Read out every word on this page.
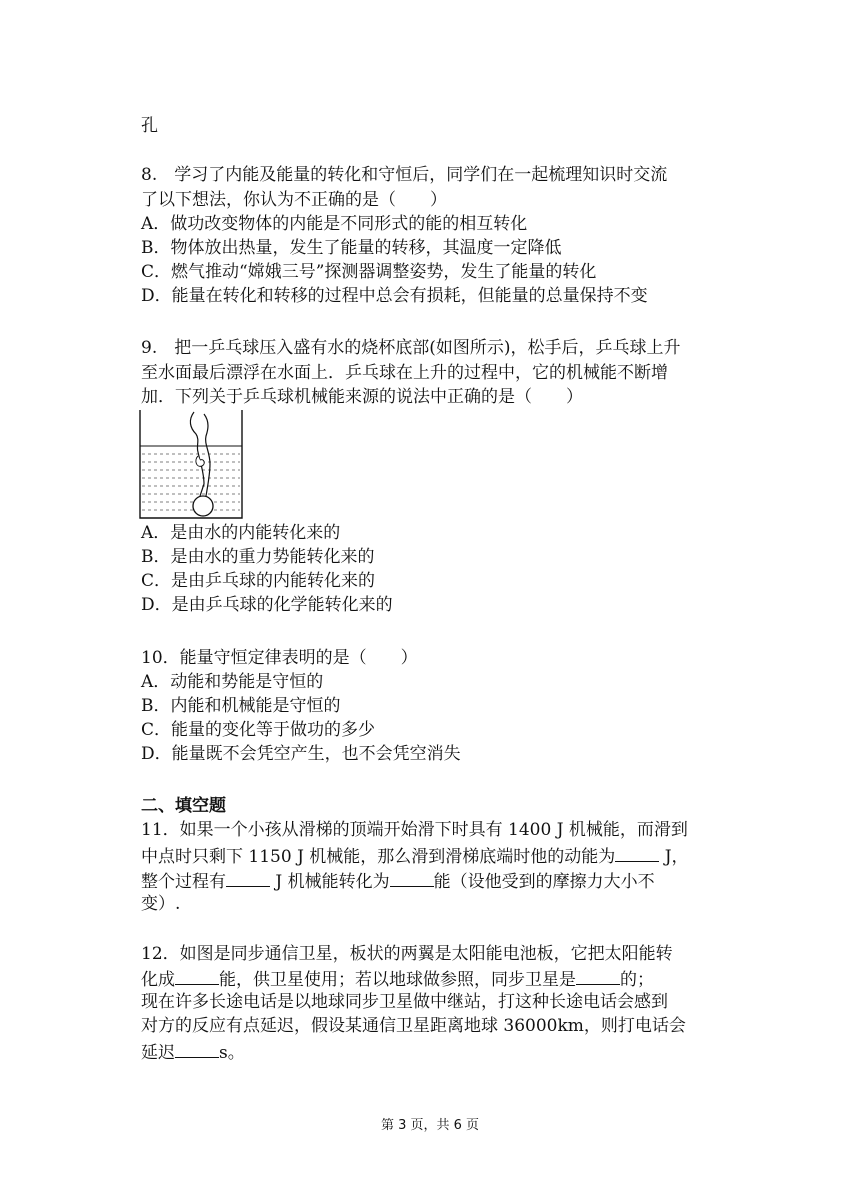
孔
8.　学习了内能及能量的转化和守恒后，同学们在一起梳理知识时交流
了以下想法，你认为不正确的是（　　）
A．做功改变物体的内能是不同形式的能的相互转化
B．物体放出热量，发生了能量的转移，其温度一定降低
C．燃气推动“嫦娥三号”探测器调整姿势，发生了能量的转化
D．能量在转化和转移的过程中总会有损耗，但能量的总量保持不变
9.　把一乒乓球压入盛有水的烧杯底部(如图所示)，松手后，乒乓球上升
至水面最后漂浮在水面上．乒乓球在上升的过程中，它的机械能不断增
加．下列关于乒乓球机械能来源的说法中正确的是（　　）
A．是由水的内能转化来的
B．是由水的重力势能转化来的
C．是由乒乓球的内能转化来的
D．是由乒乓球的化学能转化来的
10．能量守恒定律表明的是（　　）
A．动能和势能是守恒的
B．内能和机械能是守恒的
C．能量的变化等于做功的多少
D．能量既不会凭空产生，也不会凭空消失
二、填空题
11．如果一个小孩从滑梯的顶端开始滑下时具有 1400 J 机械能，而滑到
中点时只剩下 1150 J 机械能，那么滑到滑梯底端时他的动能为	J，
整个过程有	J 机械能转化为	能（设他受到的摩擦力大小不
变）.
12．如图是同步通信卫星，板状的两翼是太阳能电池板，它把太阳能转
化成	能，供卫星使用；若以地球做参照，同步卫星是	的；
现在许多长途电话是以地球同步卫星做中继站，打这种长途电话会感到
对方的反应有点延迟，假设某通信卫星距离地球 36000km，则打电话会
延迟	s。
第 3 页，共 6 页
